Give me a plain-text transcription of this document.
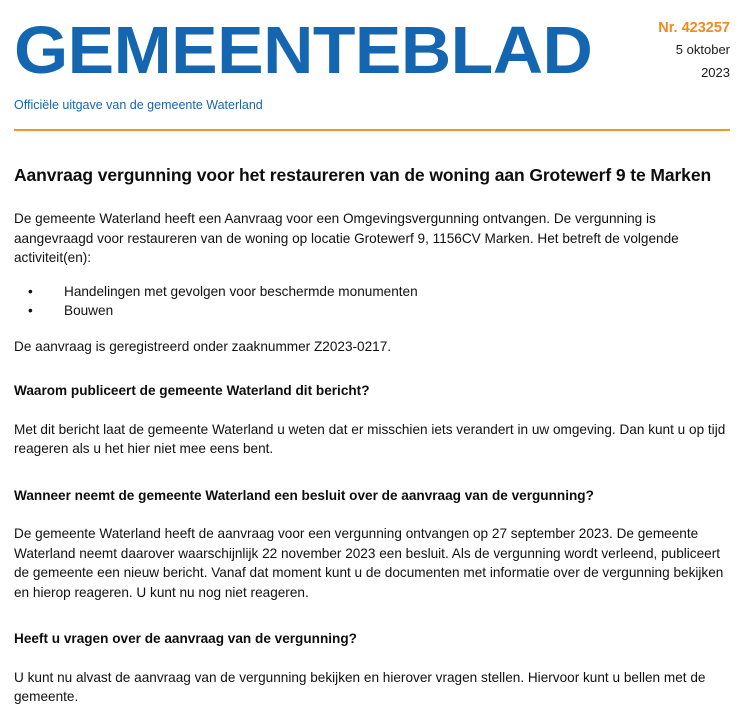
GEMEENTEBLAD
Officiële uitgave van de gemeente Waterland
Nr. 423257
5 oktober
2023
Aanvraag vergunning voor het restaureren van de woning aan Grotewerf 9 te Marken

De gemeente Waterland heeft een Aanvraag voor een Omgevingsvergunning ontvangen. De vergunning is aangevraagd voor restaureren van de woning op locatie Grotewerf 9, 1156CV Marken. Het betreft de volgende activiteit(en):

• Handelingen met gevolgen voor beschermde monumenten
• Bouwen

De aanvraag is geregistreerd onder zaaknummer Z2023-0217.

Waarom publiceert de gemeente Waterland dit bericht?

Met dit bericht laat de gemeente Waterland u weten dat er misschien iets verandert in uw omgeving. Dan kunt u op tijd reageren als u het hier niet mee eens bent.

Wanneer neemt de gemeente Waterland een besluit over de aanvraag van de vergunning?

De gemeente Waterland heeft de aanvraag voor een vergunning ontvangen op 27 september 2023. De gemeente Waterland neemt daarover waarschijnlijk 22 november 2023 een besluit. Als de vergunning wordt verleend, publiceert de gemeente een nieuw bericht. Vanaf dat moment kunt u de documenten met informatie over de vergunning bekijken en hierop reageren. U kunt nu nog niet reageren.

Heeft u vragen over de aanvraag van de vergunning?

U kunt nu alvast de aanvraag van de vergunning bekijken en hierover vragen stellen. Hiervoor kunt u bellen met de gemeente.
